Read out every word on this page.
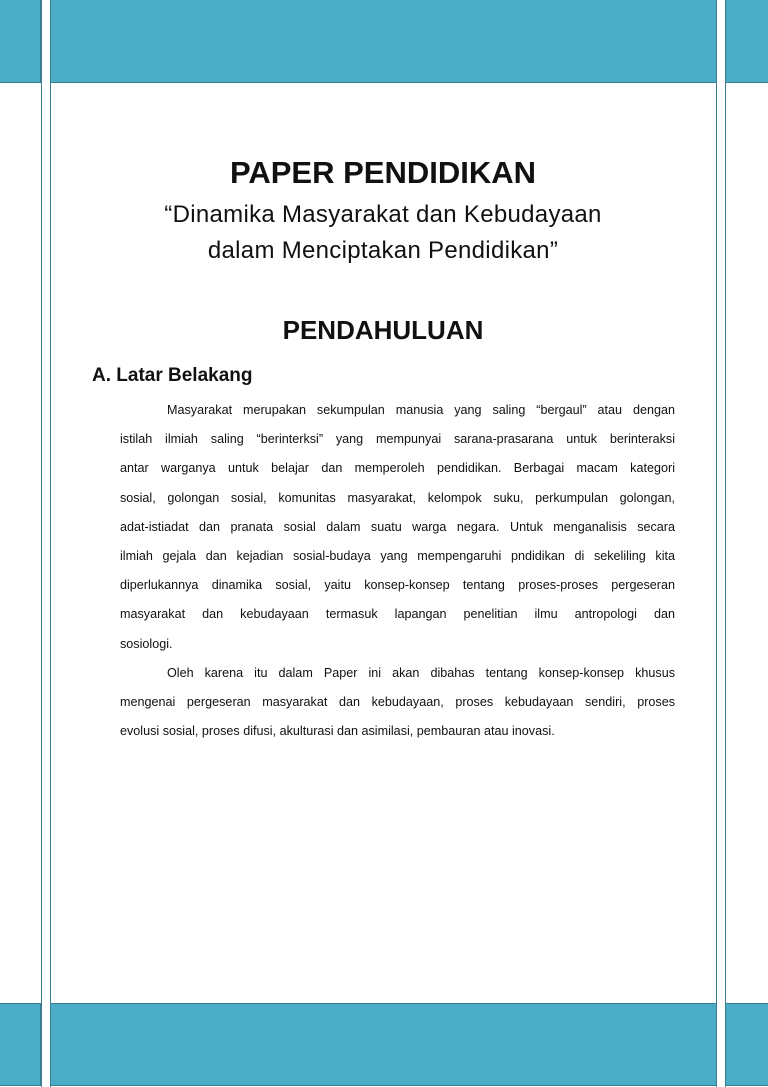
PAPER PENDIDIKAN
“Dinamika Masyarakat dan Kebudayaan
dalam Menciptakan Pendidikan”
PENDAHULUAN
A. Latar Belakang
Masyarakat merupakan sekumpulan manusia yang saling “bergaul” atau dengan
istilah ilmiah saling “berinterksi” yang mempunyai sarana-prasarana untuk berinteraksi
antar warganya untuk belajar dan memperoleh pendidikan. Berbagai macam kategori
sosial, golongan sosial, komunitas masyarakat, kelompok suku, perkumpulan golongan,
adat-istiadat dan pranata sosial dalam suatu warga negara. Untuk menganalisis secara
ilmiah gejala dan kejadian sosial-budaya yang mempengaruhi pndidikan di sekeliling kita
diperlukannya dinamika sosial, yaitu konsep-konsep tentang proses-proses pergeseran
masyarakat dan kebudayaan termasuk lapangan penelitian ilmu antropologi dan
sosiologi.
Oleh karena itu dalam Paper ini akan dibahas tentang konsep-konsep khusus
mengenai pergeseran masyarakat dan kebudayaan, proses kebudayaan sendiri, proses
evolusi sosial, proses difusi, akulturasi dan asimilasi, pembauran atau inovasi.
